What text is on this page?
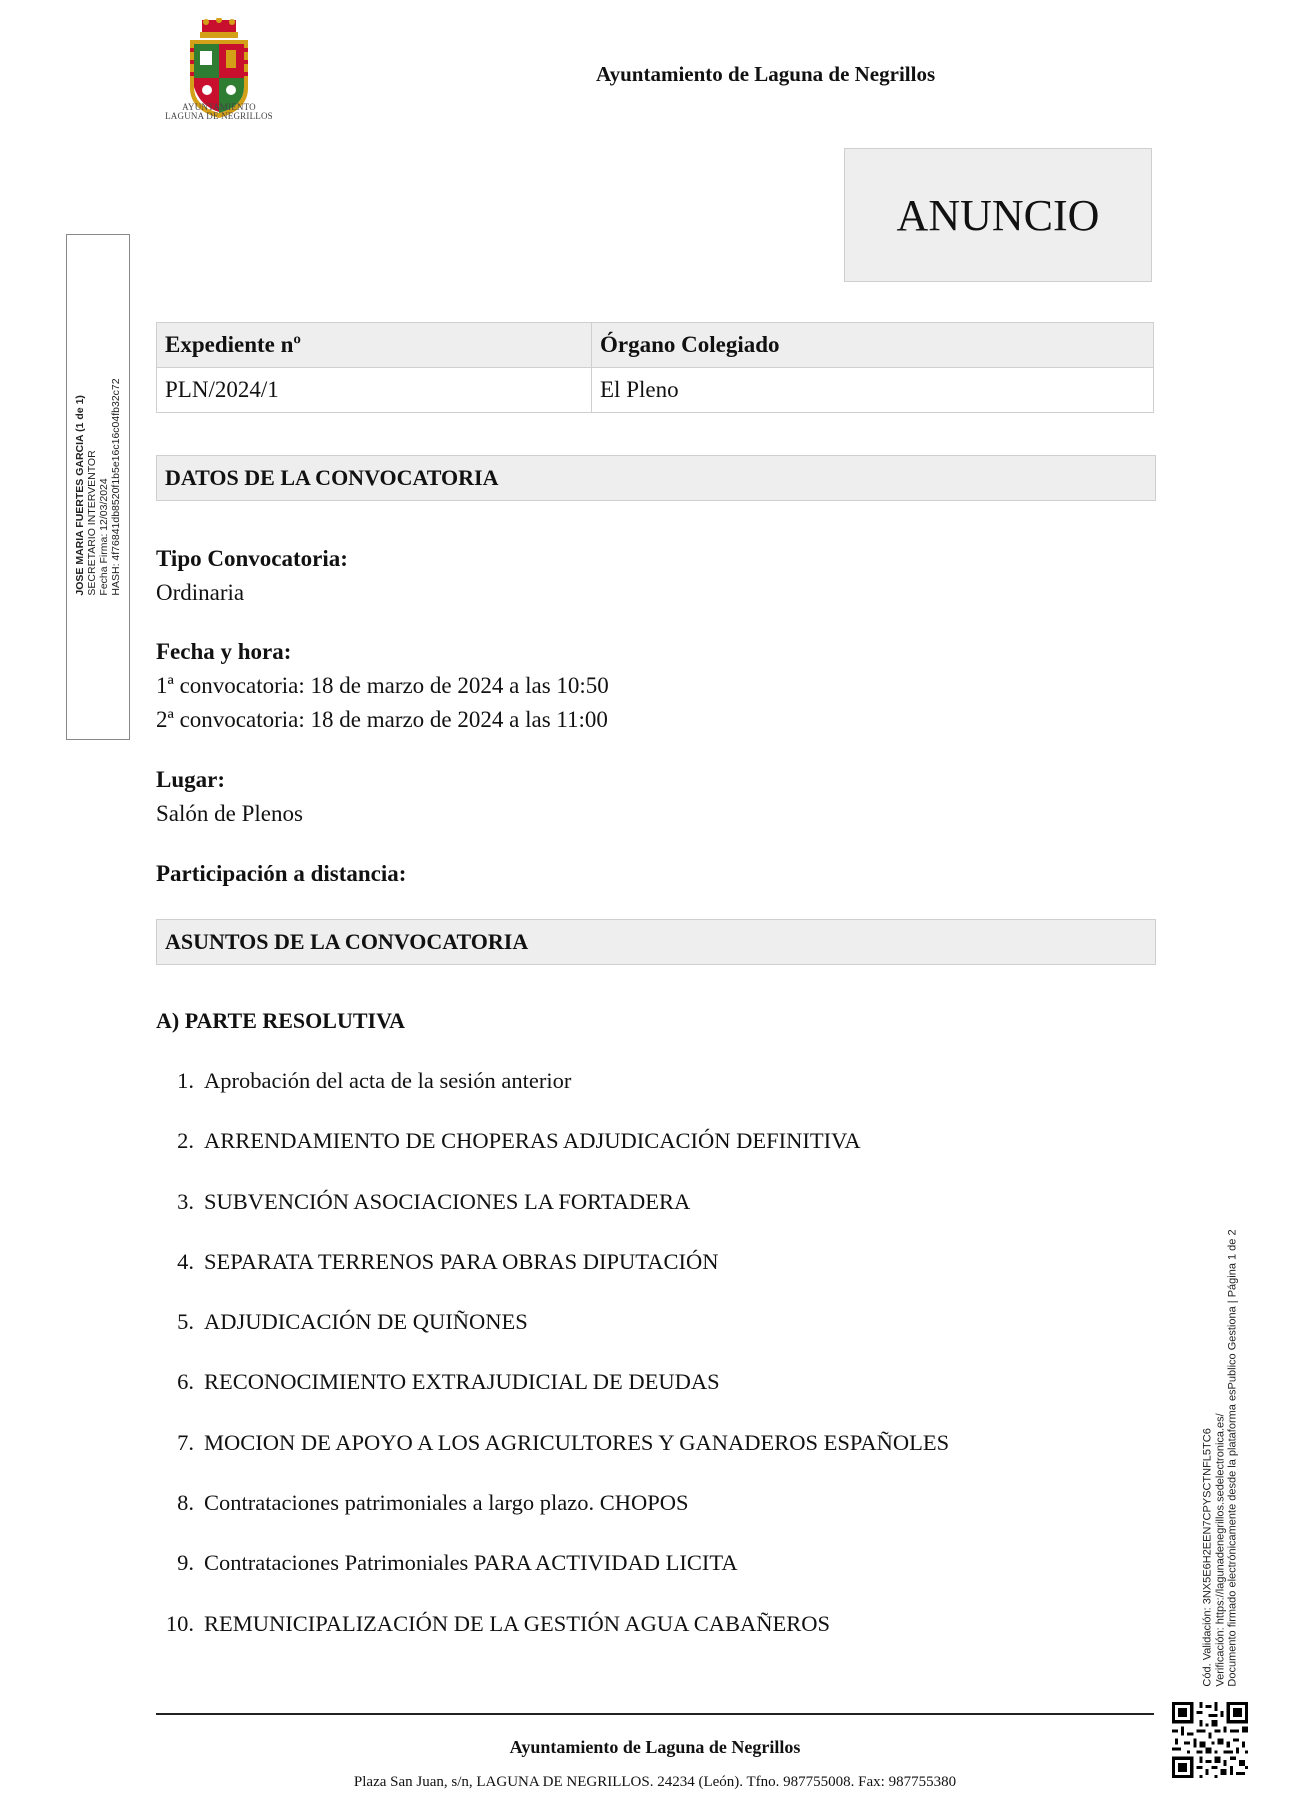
AYUNTAMIENTO
LAGUNA DE NEGRILLOS
Ayuntamiento de Laguna de Negrillos
ANUNCIO
JOSE MARIA FUERTES GARCIA (1 de 1) SECRETARIO INTERVENTOR Fecha Firma: 12/03/2024 HASH: 4f76841db8520f1b5e16c16c04fb32c72
Expediente nº	Órgano Colegiado
PLN/2024/1	El Pleno
DATOS DE LA CONVOCATORIA
Tipo Convocatoria:
Ordinaria
Fecha y hora:
1ª convocatoria: 18 de marzo de 2024 a las 10:50
2ª convocatoria: 18 de marzo de 2024 a las 11:00
Lugar:
Salón de Plenos
Participación a distancia:
ASUNTOS DE LA CONVOCATORIA
A) PARTE RESOLUTIVA
1. Aprobación del acta de la sesión anterior
2. ARRENDAMIENTO DE CHOPERAS ADJUDICACIÓN DEFINITIVA
3. SUBVENCIÓN ASOCIACIONES LA FORTADERA
4. SEPARATA TERRENOS PARA OBRAS DIPUTACIÓN
5. ADJUDICACIÓN DE QUIÑONES
6. RECONOCIMIENTO EXTRAJUDICIAL DE DEUDAS
7. MOCION DE APOYO A LOS AGRICULTORES Y GANADEROS ESPAÑOLES
8. Contrataciones patrimoniales a largo plazo. CHOPOS
9. Contrataciones Patrimoniales PARA ACTIVIDAD LICITA
10. REMUNICIPALIZACIÓN DE LA GESTIÓN AGUA CABAÑEROS
Ayuntamiento de Laguna de Negrillos
Plaza San Juan, s/n, LAGUNA DE NEGRILLOS. 24234 (León). Tfno. 987755008. Fax: 987755380
Cód. Validación: 3NX5E6H2EEN7CPYSCTNFL5TC6 Verificación: https://lagunadenegrillos.sedelectronica.es/ Documento firmado electrónicamente desde la plataforma esPublico Gestiona | Página 1 de 2
